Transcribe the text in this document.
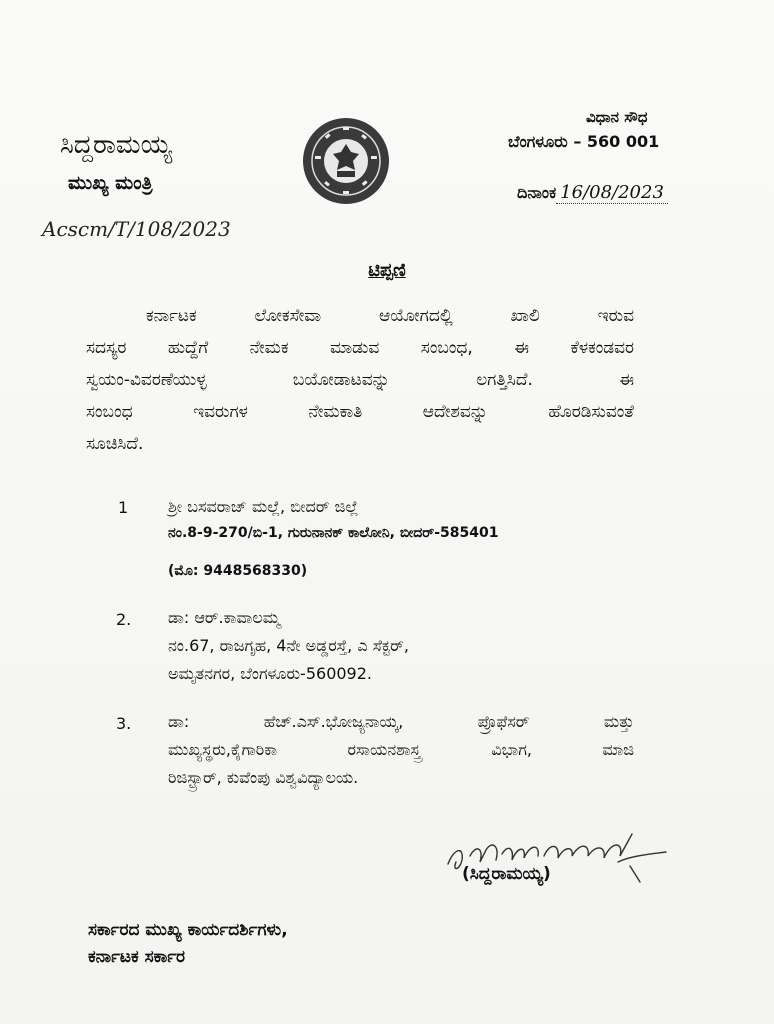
ಸಿದ್ದರಾಮಯ್ಯ
ಮುಖ್ಯ ಮಂತ್ರಿ
Acscm/T/108/2023
ವಿಧಾನ ಸೌಧ
ಬೆಂಗಳೂರು – 560 001
ದಿನಾಂಕ 16/08/2023
ಟಿಪ್ಪಣಿ
ಕರ್ನಾಟಕ ಲೋಕಸೇವಾ ಆಯೋಗದಲ್ಲಿ ಖಾಲಿ ಇರುವ
ಸದಸ್ಯರ ಹುದ್ದೆಗೆ ನೇಮಕ ಮಾಡುವ ಸಂಬಂಧ, ಈ ಕೆಳಕಂಡವರ
ಸ್ವಯಂ-ವಿವರಣೆಯುಳ್ಳ ಬಯೋಡಾಟವನ್ನು ಲಗತ್ತಿಸಿದೆ. ಈ
ಸಂಬಂಧ ಇವರುಗಳ ನೇಮಕಾತಿ ಆದೇಶವನ್ನು ಹೊರಡಿಸುವಂತೆ
ಸೂಚಿಸಿದೆ.
1 ಶ್ರೀ ಬಸವರಾಜ್ ಮಲ್ಲೆ, ಬೀದರ್ ಜಿಲ್ಲೆ
ನಂ.8-9-270/ಬಿ-1, ಗುರುನಾನಕ್ ಕಾಲೋನಿ, ಬೀದರ್-585401
(ಮೊ: 9448568330)
2. ಡಾ: ಆರ್.ಕಾವಾಲಮ್ಮ
ನಂ.67, ರಾಜಗೃಹ, 4ನೇ ಅಡ್ಡರಸ್ತೆ, ಎ ಸೆಕ್ಟರ್,
ಅಮೃತನಗರ, ಬೆಂಗಳೂರು-560092.
3. ಡಾ: ಹೆಚ್.ಎಸ್.ಭೋಜ್ಯನಾಯ್ಕ, ಪ್ರೊಫೆಸರ್ ಮತ್ತು
ಮುಖ್ಯಸ್ಥರು,ಕೈಗಾರಿಕಾ ರಸಾಯನಶಾಸ್ತ್ರ ವಿಭಾಗ, ಮಾಜಿ
ರಿಜಿಸ್ಟ್ರಾರ್, ಕುವೆಂಪು ವಿಶ್ವವಿದ್ಯಾಲಯ.
(ಸಿದ್ದರಾಮಯ್ಯ)
ಸರ್ಕಾರದ ಮುಖ್ಯ ಕಾರ್ಯದರ್ಶಿಗಳು,
ಕರ್ನಾಟಕ ಸರ್ಕಾರ
